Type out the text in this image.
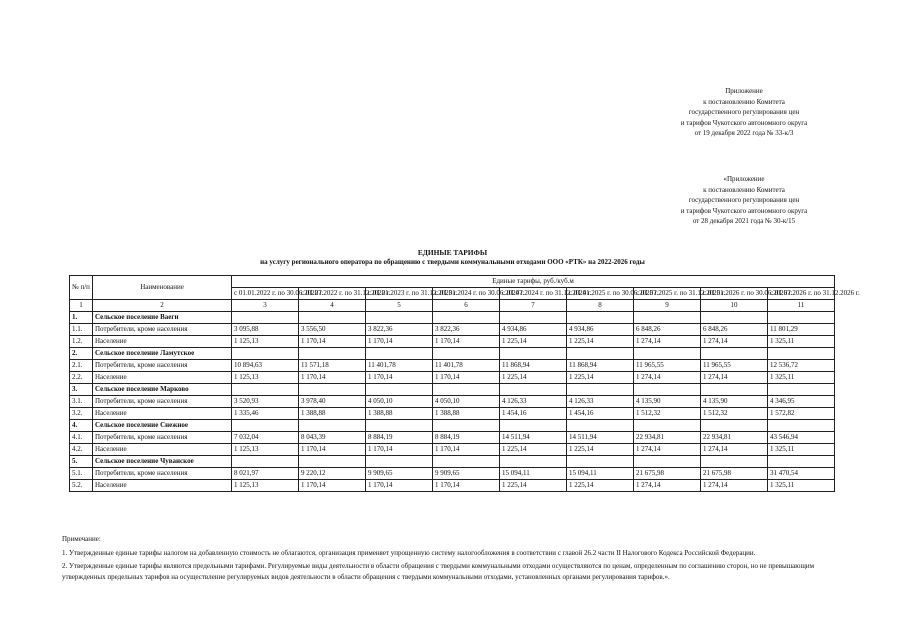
Приложение
к постановлению Комитета
государственного регулирования цен
и тарифов Чукотского автономного округа
от 19 декабря 2022 года № 33-к/3
«Приложение
к постановлению Комитета
государственного регулирования цен
и тарифов Чукотского автономного округа
от 28 декабря 2021 года № 30-к/15
ЕДИНЫЕ ТАРИФЫ
на услугу регионального оператора по обращению с твердыми коммунальными отходами ООО «РТК» на 2022-2026 годы
№ п/п	Наименование	Единые тарифы, руб./куб.м								
		с 01.01.2022 г. по 30.06.2022 г.	с 01.07.2022 г. по 31.12.2022 г.	с 01.01.2023 г. по 31.12.2023 г.	с 01.01.2024 г. по 30.06.2024 г.	с 01.07.2024 г. по 31.12.2024 г.	с 01.01.2025 г. по 30.06.2025 г.	с 01.07.2025 г. по 31.12.2025 г.	с 01.01.2026 г. по 30.06.2026 г.	с 01.07.2026 г. по 31.12.2026 г.
1	2	3	4	5	6	7	8	9	10	11
1.	Сельское поселение Ваеги									
1.1.	Потребители, кроме населения	3 095,88	3 556,50	3 822,36	3 822,36	4 934,86	4 934,86	6 848,26	6 848,26	11 801,29
1.2.	Население	1 125,13	1 170,14	1 170,14	1 170,14	1 225,14	1 225,14	1 274,14	1 274,14	1 325,11
2.	Сельское поселение Ламутское									
2.1.	Потребители, кроме населения	10 894,63	11 571,18	11 401,78	11 401,78	11 868,94	11 868,94	11 965,55	11 965,55	12 536,72
2.2.	Население	1 125,13	1 170,14	1 170,14	1 170,14	1 225,14	1 225,14	1 274,14	1 274,14	1 325,11
3.	Сельское поселение Марково									
3.1.	Потребители, кроме населения	3 520,93	3 978,40	4 050,10	4 050,10	4 126,33	4 126,33	4 135,90	4 135,90	4 346,95
3.2.	Население	1 335,46	1 388,88	1 388,88	1 388,88	1 454,16	1 454,16	1 512,32	1 512,32	1 572,82
4.	Сельское поселение Снежное									
4.1.	Потребители, кроме населения	7 032,04	8 043,39	8 884,19	8 884,19	14 511,94	14 511,94	22 934,81	22 934,81	43 546,94
4.2.	Население	1 125,13	1 170,14	1 170,14	1 170,14	1 225,14	1 225,14	1 274,14	1 274,14	1 325,11
5.	Сельское поселение Чуванское									
5.1.	Потребители, кроме населения	8 021,97	9 220,12	9 909,65	9 909,65	15 094,11	15 094,11	21 675,98	21 675,98	31 470,54
5.2.	Население	1 125,13	1 170,14	1 170,14	1 170,14	1 225,14	1 225,14	1 274,14	1 274,14	1 325,11

Примечание:

1. Утвержденные единые тарифы налогом на добавленную стоимость не облагаются, организация применяет упрощенную систему налогообложения в соответствии с главой 26.2 части II Налогового Кодекса Российской Федерации.

2. Утвержденные единые тарифы являются предельными тарифами. Регулируемые виды деятельности в области обращения с твердыми коммунальными отходами осуществляются по ценам, определенным по соглашению сторон, но не превышающим утвержденных предельных тарифов на осуществление регулируемых видов деятельности в области обращения с твердыми коммунальными отходами, установленных органами регулирования тарифов.».
